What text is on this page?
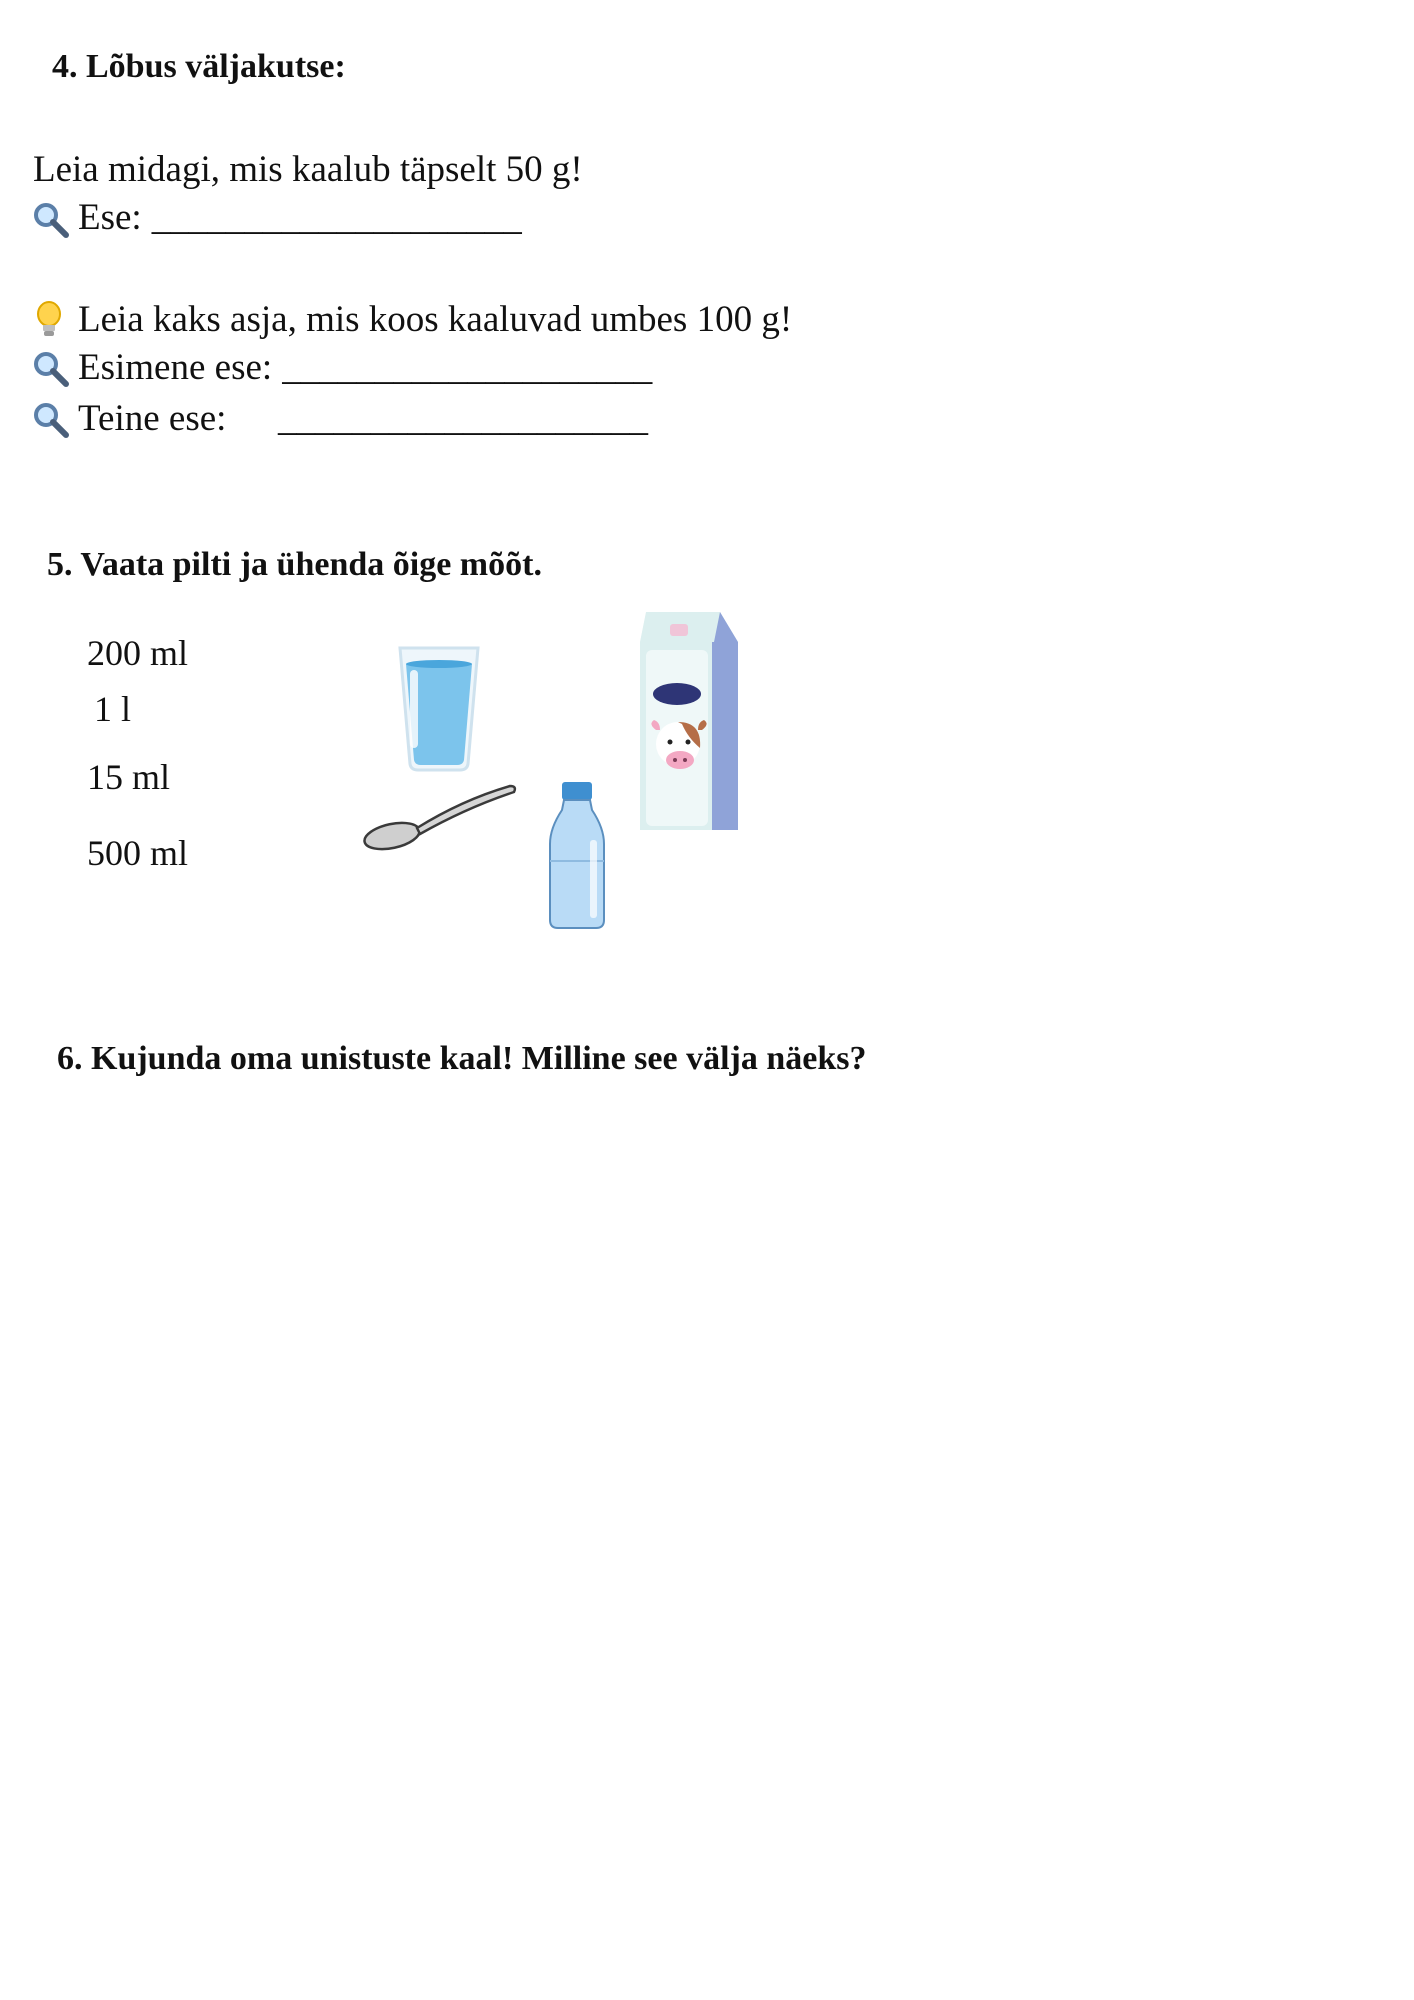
4. Lõbus väljakutse:
Leia midagi, mis kaalub täpselt 50 g!
Ese: ____________________
Leia kaks asja, mis koos kaaluvad umbes 100 g!
Esimene ese: ____________________
Teine ese: ____________________
5. Vaata pilti ja ühenda õige mõõt.
200 ml
1 l
15 ml
500 ml
6. Kujunda oma unistuste kaal! Milline see välja näeks?
